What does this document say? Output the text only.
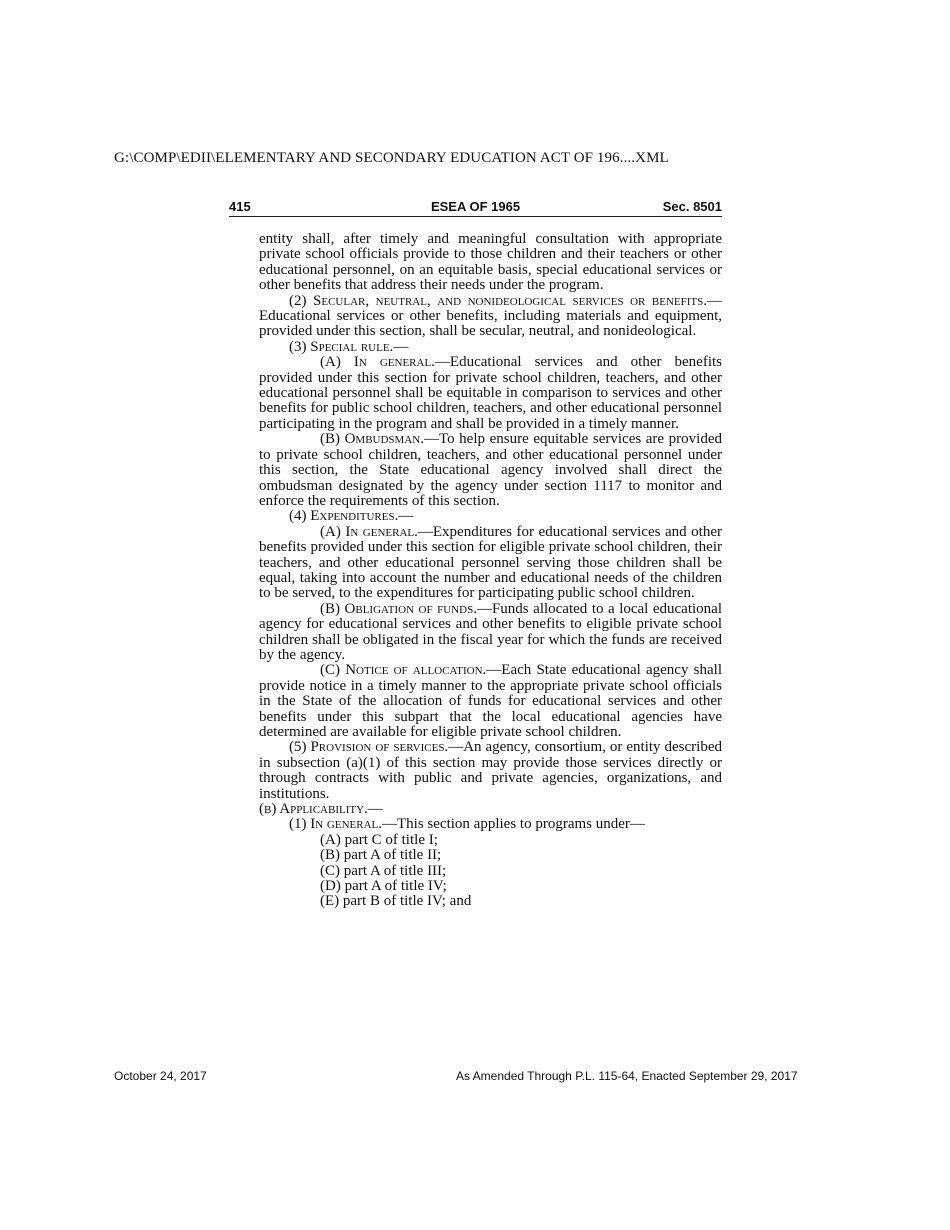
G:\COMP\EDII\ELEMENTARY AND SECONDARY EDUCATION ACT OF 196....XML
ESEA OF 1965
415	Sec. 8501

entity shall, after timely and meaningful consultation with appropriate private school officials provide to those children and their teachers or other educational personnel, on an equitable basis, special educational services or other benefits that address their needs under the program.

(2) Secular, neutral, and nonideological services or benefits.—Educational services or other benefits, including materials and equipment, provided under this section, shall be secular, neutral, and nonideological.

(3) Special rule.—

(A) In general.—Educational services and other benefits provided under this section for private school children, teachers, and other educational personnel shall be equitable in comparison to services and other benefits for public school children, teachers, and other educational personnel participating in the program and shall be provided in a timely manner.

(B) Ombudsman.—To help ensure equitable services are provided to private school children, teachers, and other educational personnel under this section, the State educational agency involved shall direct the ombudsman designated by the agency under section 1117 to monitor and enforce the requirements of this section.

(4) Expenditures.—

(A) In general.—Expenditures for educational services and other benefits provided under this section for eligible private school children, their teachers, and other educational personnel serving those children shall be equal, taking into account the number and educational needs of the children to be served, to the expenditures for participating public school children.

(B) Obligation of funds.—Funds allocated to a local educational agency for educational services and other benefits to eligible private school children shall be obligated in the fiscal year for which the funds are received by the agency.

(C) Notice of allocation.—Each State educational agency shall provide notice in a timely manner to the appropriate private school officials in the State of the allocation of funds for educational services and other benefits under this subpart that the local educational agencies have determined are available for eligible private school children.

(5) Provision of services.—An agency, consortium, or entity described in subsection (a)(1) of this section may provide those services directly or through contracts with public and private agencies, organizations, and institutions.

(b) Applicability.—

(1) In general.—This section applies to programs under—

(A) part C of title I;

(B) part A of title II;

(C) part A of title III;

(D) part A of title IV;

(E) part B of title IV; and

October 24, 2017	As Amended Through P.L. 115-64, Enacted September 29, 2017
